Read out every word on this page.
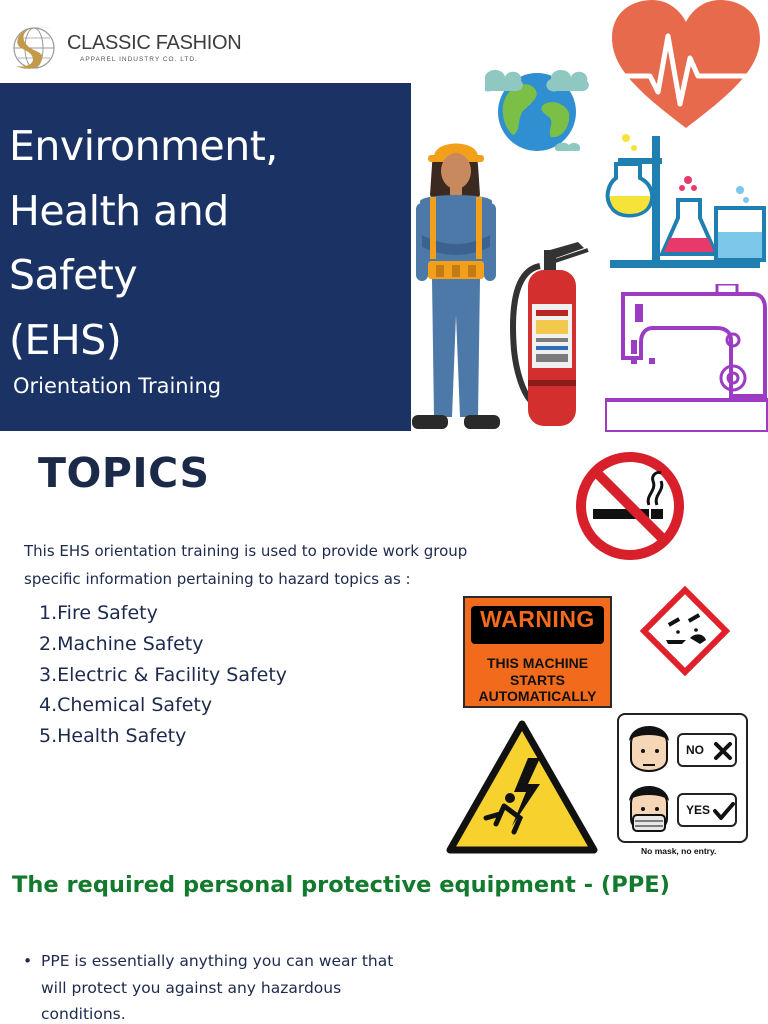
CLASSIC FASHION
APPAREL INDUSTRY CO. LTD.
Environment,
Health and
Safety
(EHS)
Orientation Training
TOPICS
This EHS orientation training is used to provide work group
specific information pertaining to hazard topics as :
1.Fire Safety
2.Machine Safety
3.Electric & Facility Safety
4.Chemical Safety
5.Health Safety
WARNING
THIS MACHINE
STARTS
AUTOMATICALLY
NO
YES
No mask, no entry.
The required personal protective equipment - (PPE)
• PPE is essentially anything you can wear that
will protect you against any hazardous
conditions.
